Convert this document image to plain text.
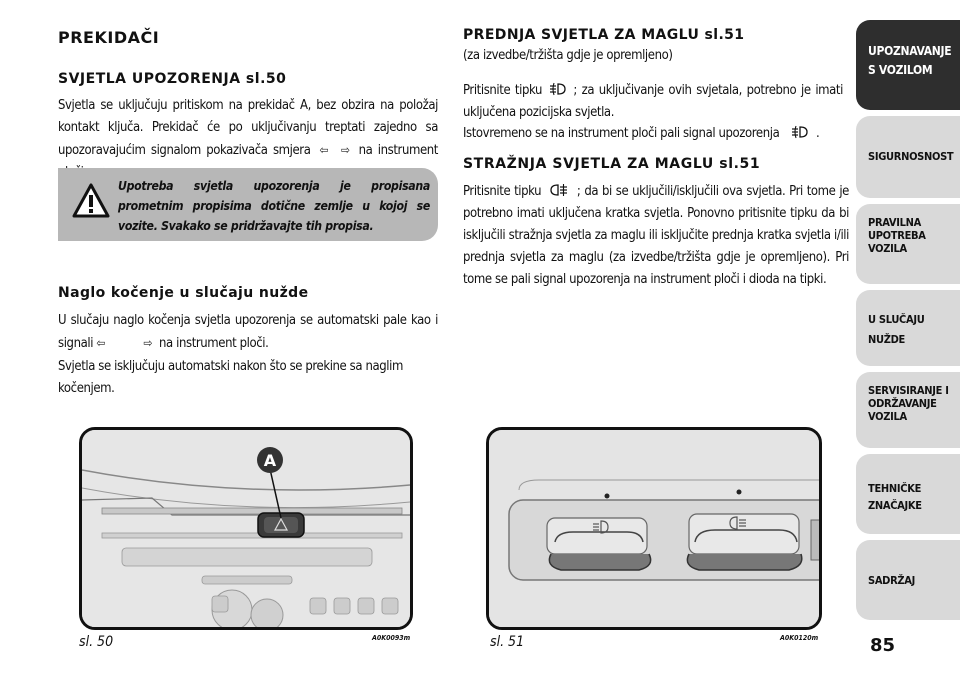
PREKIDAČI
SVJETLA UPOZORENJA sl.50
Svjetla se uključuju pritiskom na prekidač A, bez obzira na položaj kontakt ključa. Prekidač će po uključivanju treptati zajedno sa upozoravajućim signalom pokazivača smjera ⇦ ⇨ na instrument
Upotreba svjetla upozorenja je propisana prometnim propisima dotične zemlje u kojoj se vozite. Svakako se pridržavajte tih propisa.
Naglo kočenje u slučaju nužde
U slučaju naglo kočenja svjetla upozorenja se automatski pale kao i signali ⇦	⇨ na instrument ploči.
Svjetla se isključuju automatski nakon što se prekine sa naglim kočenjem.
PREDNJA SVJETLA ZA MAGLU sl.51
(za izvedbe/tržišta gdje je opremljeno)
Pritisnite tipku ; za uključivanje ovih svjetala, potrebno je imati uključena pozicijska svjetla.
Istovremeno se na instrument ploči pali signal upozorenja	.
STRAŽNJA SVJETLA ZA MAGLU sl.51
Pritisnite tipku	; da bi se uključili/isključili ova svjetla. Pri tome je potrebno imati uključena kratka svjetla. Ponovno pritisnite tipku da bi isključili stražnja svjetla za maglu ili isključite prednja kratka svjetla i/ili prednja svjetla za maglu (za izvedbe/tržišta gdje je opremljeno). Pri tome se pali signal upozorenja na instrument ploči i dioda na tipki.
A
sl. 50	A0K0093m	sl. 51	A0K0120m
UPOZNAVANJE
S VOZILOM
SIGURNOSNOST
PRAVILNA
UPOTREBA
VOZILA
U SLUČAJU
NUŽDE
SERVISIRANJE I
ODRŽAVANJE
VOZILA
TEHNIČKE
ZNAČAJKE
SADRŽAJ
85
